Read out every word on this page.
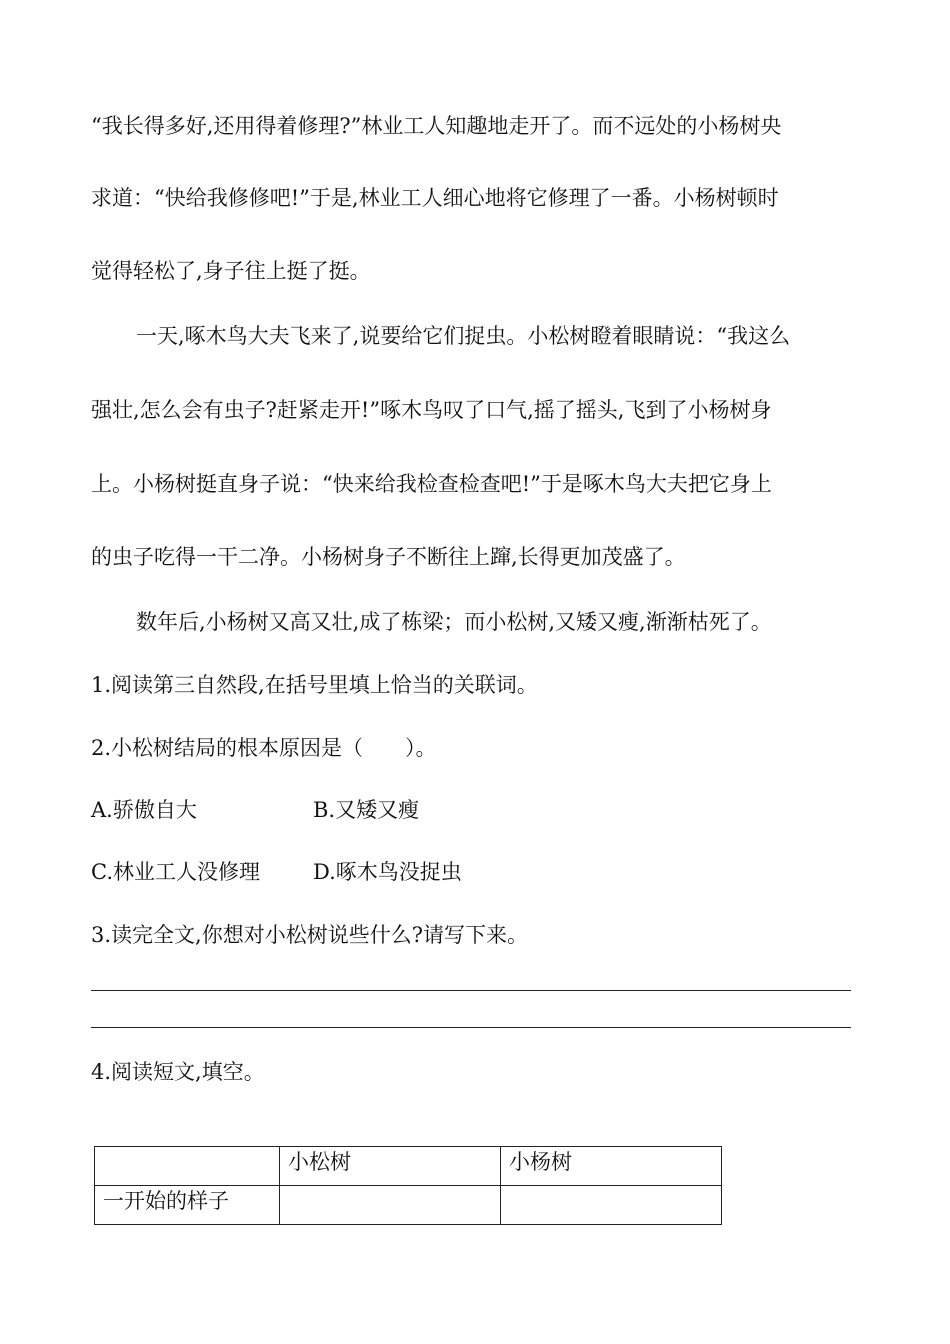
“我长得多好,还用得着修理?”林业工人知趣地走开了。而不远处的小杨树央
求道：“快给我修修吧!”于是,林业工人细心地将它修理了一番。小杨树顿时
觉得轻松了,身子往上挺了挺。
一天,啄木鸟大夫飞来了,说要给它们捉虫。小松树瞪着眼睛说：“我这么
强壮,怎么会有虫子?赶紧走开!”啄木鸟叹了口气,摇了摇头,飞到了小杨树身
上。小杨树挺直身子说：“快来给我检查检查吧!”于是啄木鸟大夫把它身上
的虫子吃得一干二净。小杨树身子不断往上蹿,长得更加茂盛了。
数年后,小杨树又高又壮,成了栋梁；而小松树,又矮又瘦,渐渐枯死了。
1.阅读第三自然段,在括号里填上恰当的关联词。
2.小松树结局的根本原因是（　　）。
A.骄傲自大	B.又矮又瘦
C.林业工人没修理	D.啄木鸟没捉虫
3.读完全文,你想对小松树说些什么?请写下来。
4.阅读短文,填空。
	小松树	小杨树
一开始的样子		
